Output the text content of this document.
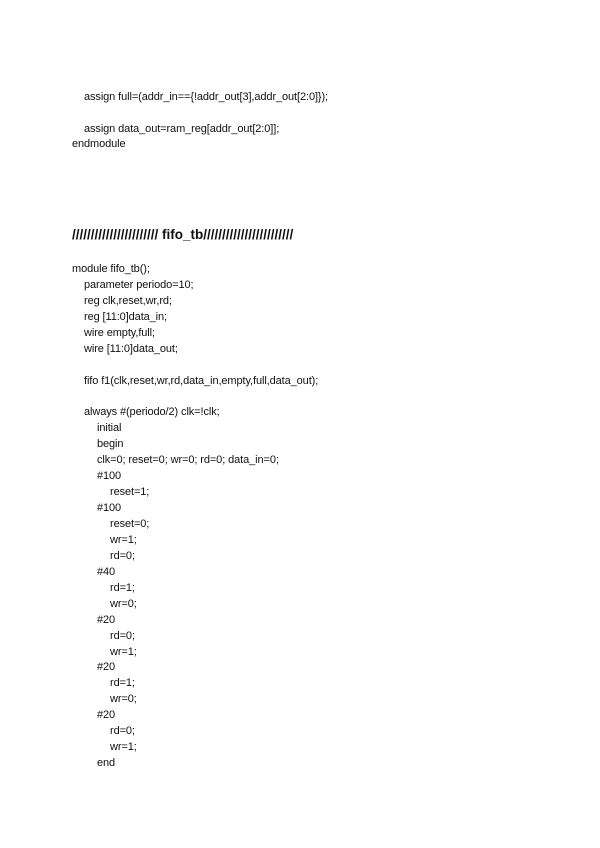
assign full=(addr_in=={!addr_out[3],addr_out[2:0]});
assign data_out=ram_reg[addr_out[2:0]];
endmodule
/////////////////////// fifo_tb////////////////////////
module fifo_tb();
parameter periodo=10;
reg clk,reset,wr,rd;
reg [11:0]data_in;
wire empty,full;
wire [11:0]data_out;
fifo f1(clk,reset,wr,rd,data_in,empty,full,data_out);
always #(periodo/2) clk=!clk;
initial
begin
clk=0; reset=0; wr=0; rd=0; data_in=0;
#100
reset=1;
#100
reset=0;
wr=1;
rd=0;
#40
rd=1;
wr=0;
#20
rd=0;
wr=1;
#20
rd=1;
wr=0;
#20
rd=0;
wr=1;
end
